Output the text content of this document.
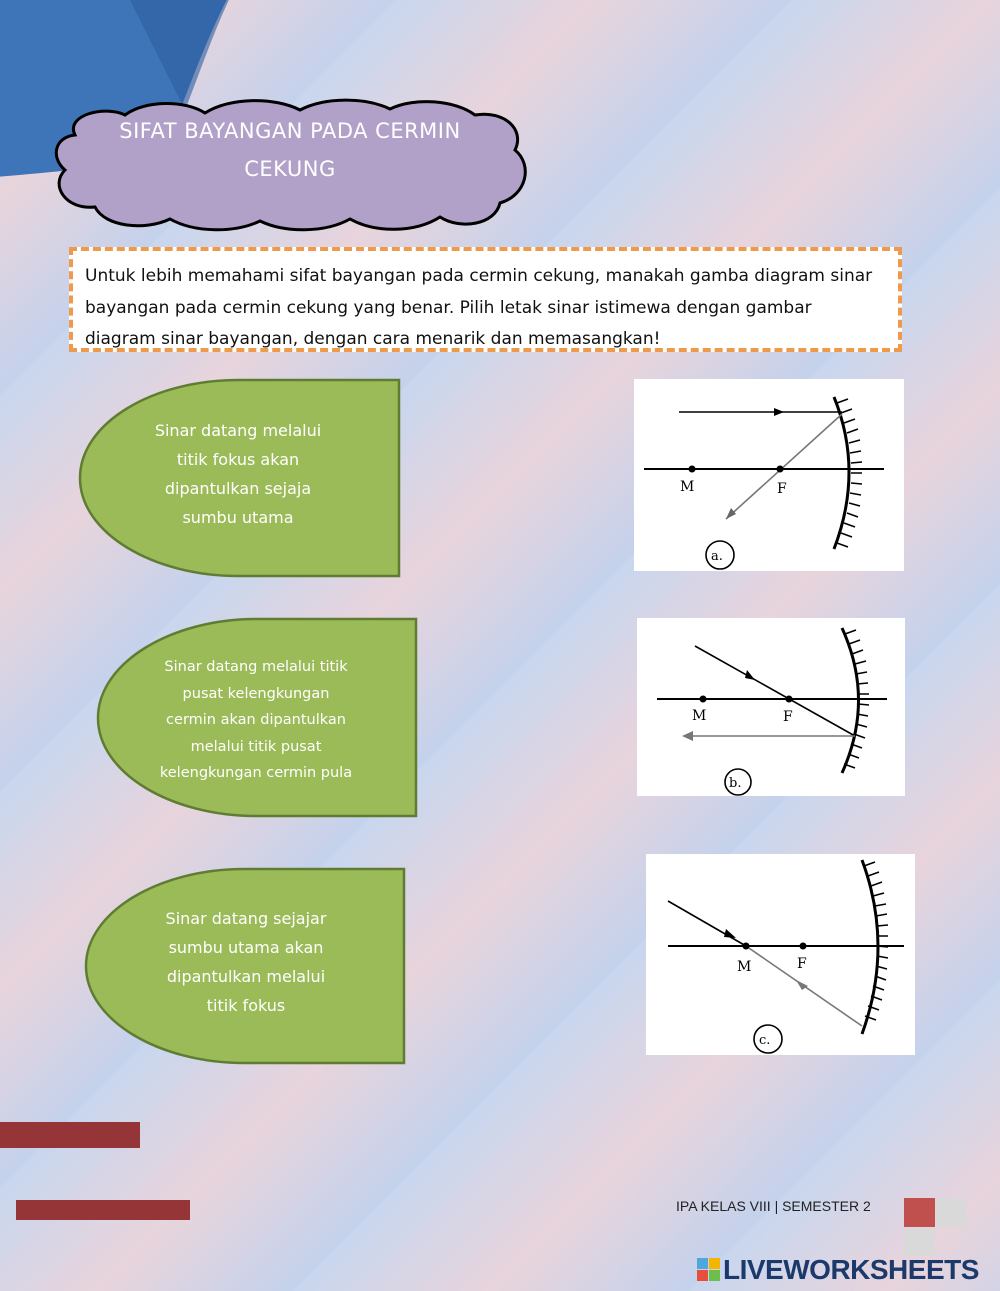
SIFAT BAYANGAN PADA CERMIN
CEKUNG
Untuk lebih memahami sifat bayangan pada cermin cekung, manakah gamba diagram sinar bayangan pada cermin cekung yang benar. Pilih letak sinar istimewa dengan gambar diagram sinar bayangan, dengan cara menarik dan memasangkan!
Sinar datang melalui
titik fokus akan
dipantulkan sejaja
sumbu utama
Sinar datang melalui titik
pusat kelengkungan
cermin akan dipantulkan
melalui titik pusat
kelengkungan cermin pula
Sinar datang sejajar
sumbu utama akan
dipantulkan melalui
titik fokus
M	F
a.
M	F
b.
M	F
c.
IPA KELAS VIII | SEMESTER 2
LIVEWORKSHEETS
